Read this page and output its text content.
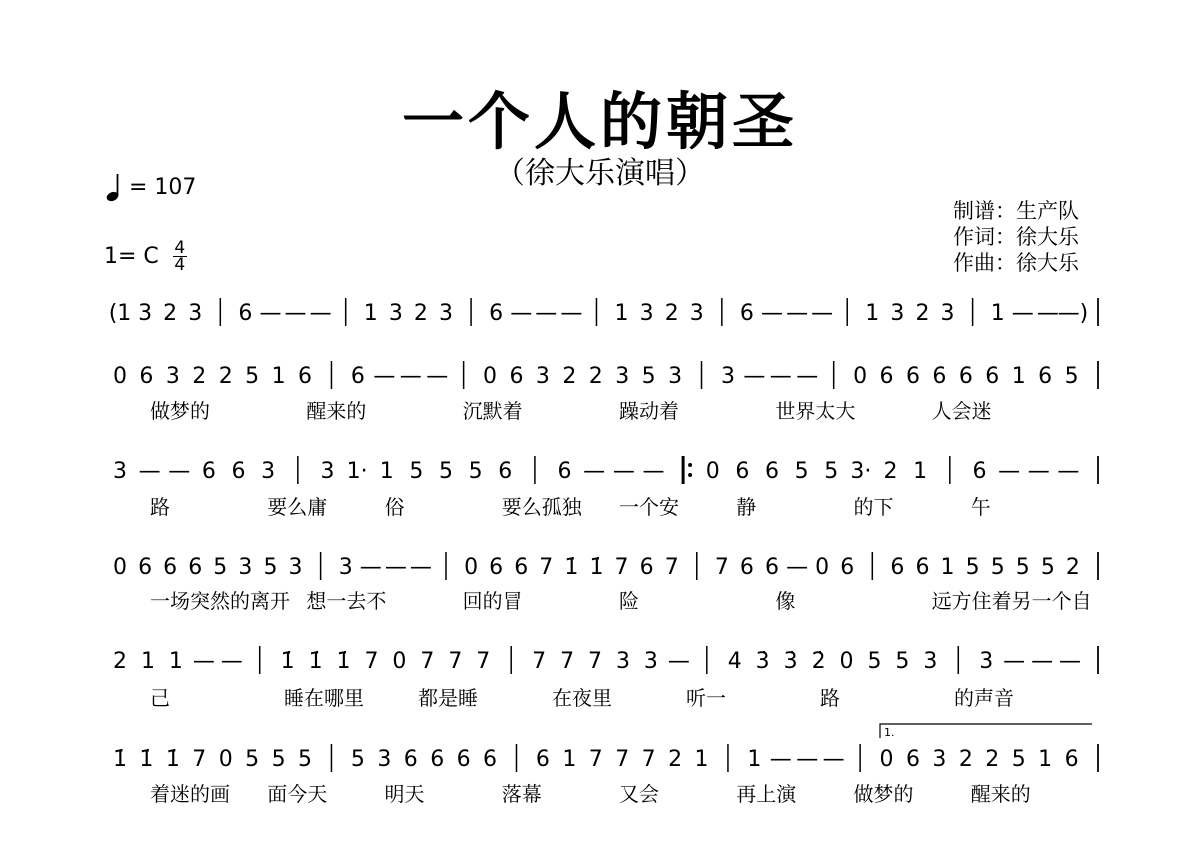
一个人的朝圣
（徐大乐演唱）
= 107
1= C $\frac{4}{4}$
制谱：生产队
作词：徐大乐
作曲：徐大乐
(1 3 2 3 6 — — — 1 3 2 3 6 — — — 1 3 2 3 6 — — — 1 3 2 3 1 — —
—)
0 6 3 2 2 5 1 6 6 — — — 0 6 3 2 2 3 5 3 3 — — — 0 6 6 6 6 6 1 6 5
做梦的	醒来的	沉默着	躁动着	世界太大	人会迷
3 — — 6 6 3 3 1· 1 5 5 5 6 6 — — — 0 6 6 5 5 3· 2 1 6 — — —
路	要么庸	俗	要么孤独 一个安	静	的下	午
0 6 6 6 5 3 5 3 3 — — — 0 6 6 7 1̇ 1̇ 7 6 7 7 6 6 — 0 6 6 6 1 5 5 5 5 2
一场突然的离开 想一去不	回的冒	险	像	远方住着另一个自
2 1 1 — — 1̇ 1̇ 1̇ 7 0 7 7 7 7 7 7 3 3 — 4 3̇ 3̇ 2̇ 0 5 5 3 3 — — —
己	睡在哪里	都是睡	在夜里	听一	路	的声音
1̇ 1̇ 1̇ 7 0 5 5 5 5 3 6 6 6 6 6 1 7 7 7 2 1 1 — — — 0 6 3 2 2 5 1 6
着迷的画 面今天	明天	落幕	又会	再上演	做梦的	醒来的
1.
